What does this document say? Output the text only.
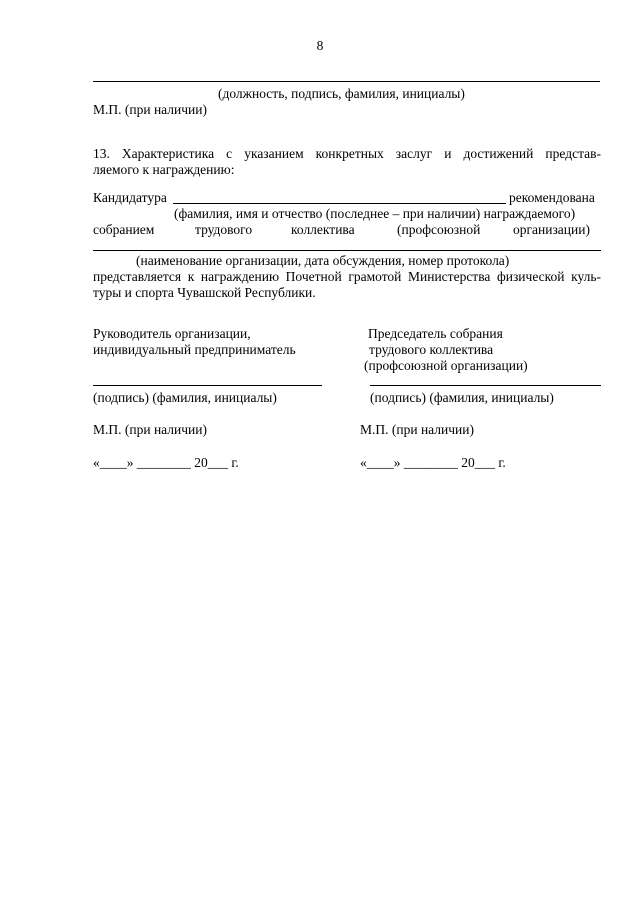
8
(должность, подпись, фамилия, инициалы)
М.П. (при наличии)
13. Характеристика с указанием конкретных заслуг и достижений представ-
ляемого к награждению:
Кандидатура	рекомендована
(фамилия, имя и отчество (последнее – при наличии) награждаемого)
собранием	трудового	коллектива	(профсоюзной организации)
(наименование организации, дата обсуждения, номер протокола)
представляется к награждению Почетной грамотой Министерства физической куль-
туры и спорта Чувашской Республики.
Руководитель организации,
индивидуальный предприниматель
(подпись) (фамилия, инициалы)
М.П. (при наличии)
«____» ________ 20___ г.
Председатель собрания
трудового коллектива
(профсоюзной организации)
(подпись) (фамилия, инициалы)
М.П. (при наличии)
«____» ________ 20___ г.
